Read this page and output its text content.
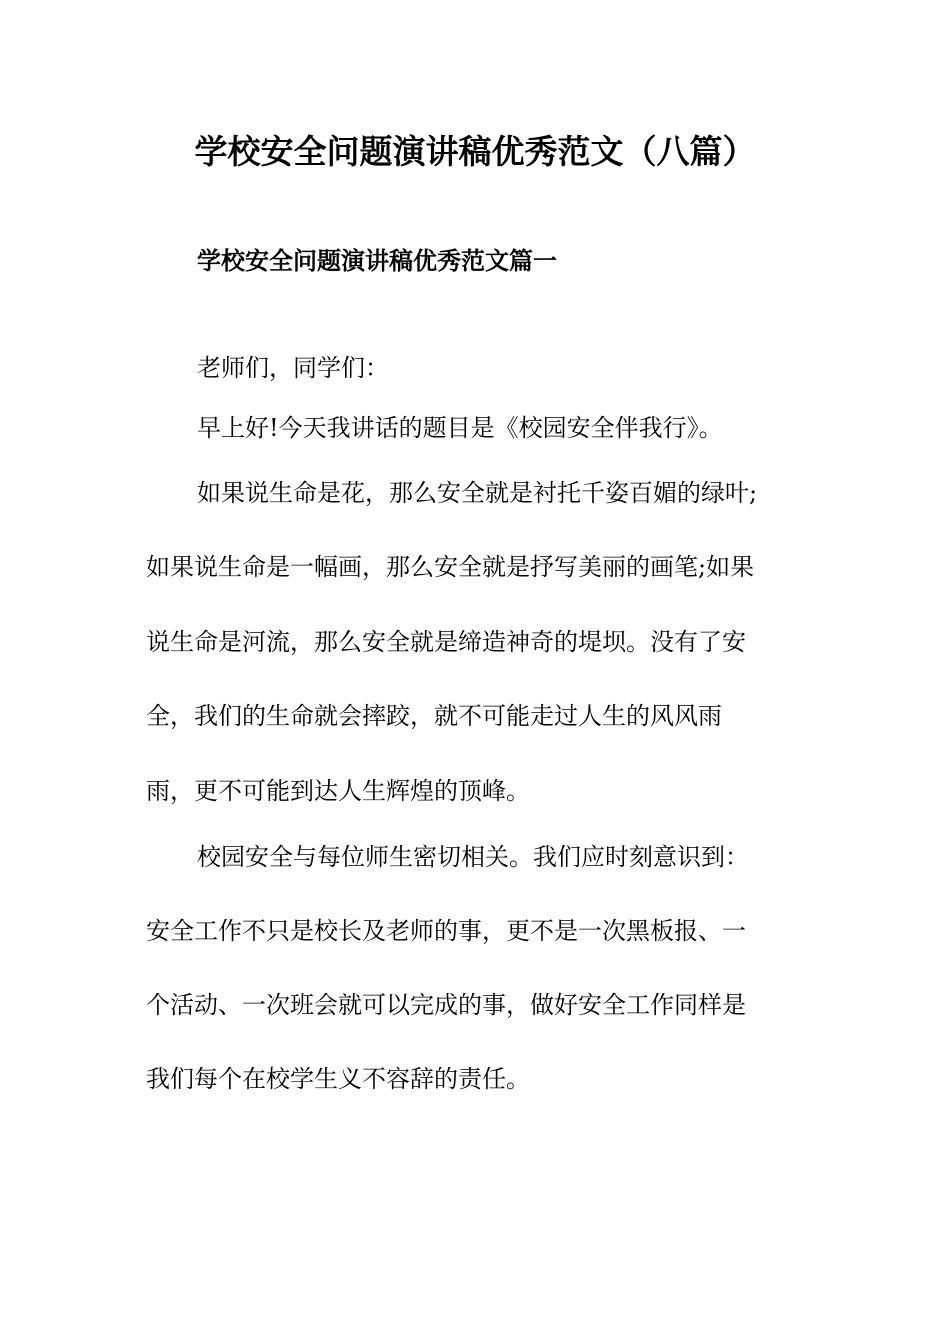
学校安全问题演讲稿优秀范文（八篇）
学校安全问题演讲稿优秀范文篇一
老师们，同学们：
早上好!今天我讲话的题目是《校园安全伴我行》。
如果说生命是花，那么安全就是衬托千姿百媚的绿叶;
如果说生命是一幅画，那么安全就是抒写美丽的画笔;如果
说生命是河流，那么安全就是缔造神奇的堤坝。没有了安
全，我们的生命就会摔跤，就不可能走过人生的风风雨
雨，更不可能到达人生辉煌的顶峰。
校园安全与每位师生密切相关。我们应时刻意识到：
安全工作不只是校长及老师的事，更不是一次黑板报、一
个活动、一次班会就可以完成的事，做好安全工作同样是
我们每个在校学生义不容辞的责任。
